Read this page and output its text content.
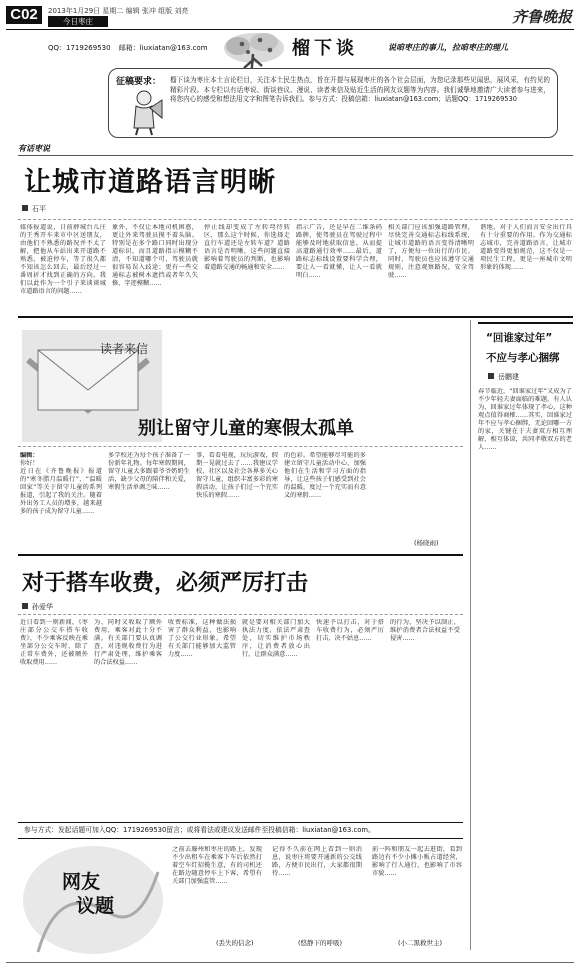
C02	2013年1月29日 星期二 编辑 张冲 组版 刘亮
今日枣庄	齐鲁晚报
QQ：1719269530 邮箱：liuxiatan@163.com	榴下谈	说咱枣庄的事儿，拉咱枣庄的理儿
征稿要求： 榴下谈为枣庄本土言论栏目，关注本土民生热点，旨在开提与展现枣庄的各个社会层面，为您记录那些见闻思，展风采，有约见的精彩片段。本专栏以有话枣说、街谈巷议、漫说、读者来信及贴近生活的网友议题等为内容。我们诚挚地邀请广大读者参与进来，将您内心的感受和想法用文字和图笔告诉我们。参与方式：投稿信箱：liuxiatan@163.com；话题QQ：1719269530
有话枣说
让城市道路语言明晰
石平
媒体报道说，日前薛城台儿庄的王秀开车来市中区送朋友，由他们不熟悉的路况并不太了解，把他从车站出来开道路不熟悉，被迫停车，等了很久都不知该怎么回去，最后经过一番周折才找到正确的方向。我们以此作为一个引子来谈谈城市道路语言的问题……
象外，不仅让本地司机困惑，更让外来驾驶员摸不着头脑。特别是在多个路口同时出现分道标识，而且道路指示模糊不清，不知道哪个可，驾驶员就很容易误入歧途；更有一些交通标志被树木遮挡或者年久失修，字迹模糊……
停止线却变成了左转弯待转区，那么这个时候，你选择走直行车道还是左转车道？道路语言是否明晰，这些问题直接影响着驾驶员的判断，也影响着道路交通的畅通和安全……
指示广告，还是早在二维条码路牌，使驾驶员在驾驶过程中能够及时地获取信息，从而提高道路通行效率……最后，道路标志标线设置要科学合理，要让人一看就懂，让人一看就明白……
相关部门应该加强道路管理，尽快完善交通标志标线系统，让城市道路的语言变得清晰明了，方便每一位出行的市民。同时，驾驶员也应该遵守交通规则，注意观察路况，安全驾驶……
谐地，对于人们而言安全出行具有十分重要的作用。作为交通标志城市，完善道路语言，让城市道路变得更加规范，这不仅是一项民生工程，更是一座城市文明形象的体现……
读者来信
别让留守儿童的寒假太孤单
编辑：
你好！
近日在《齐鲁晚报》报道的“寒冬腊月温暖行”、“温暖回家”等关于留守儿童的系列报道，引起了我的关注。随着外出务工人员的增多，越来越多的孩子成为留守儿童……
多学校还为每个孩子准备了一份新年礼物。每年寒假期间，留守儿童大多跟着爷爷奶奶生活，缺少父母的陪伴和关爱，寒假生活单调乏味……
事，看看电视，玩玩游戏，假期一晃就过去了……我建议学校、社区以及社会各界多关心留守儿童，组织丰富多彩的寒假活动，让孩子们过一个充实快乐的寒假……
的色彩。希望能够尽可能的多建立留守儿童活动中心，加强他们在生活和学习方面的指导，让这些孩子们感受到社会的温暖，度过一个充实而有意义的寒假……
(杨晓雨)
对于搭车收费，必须严厉打击
孙爱华
近日看到一则新闻，《枣庄部分公交车搭车收费》，不少乘客反映在乘坐部分公交车时，除了正常车费外，还被额外收取费用……
为、同时又收取了额外费用，乘客对此十分不满。有关部门要认真调查，对违规收费行为进行严肃处理，维护乘客的合法权益……
收费标准，这种做法损害了群众利益，也影响了公交行业形象。希望有关部门能够加大监管力度……
就是要对相关部门加大执法力度，依法严肃查处，切实维护市场秩序，让消费者放心出行，让群众满意……
快速予以打击，对于搭车收费行为，必须严厉打击，决不姑息……
的行为，坚决予以制止，维护消费者合法权益不受侵害……
“回谁家过年”
不应与孝心捆绑
岳鹏建
春节临近，“回谁家过年”又成为了不少年轻夫妻面临的难题。有人认为，回谁家过年体现了孝心，这种观点值得商榷……其实，回谁家过年不应与孝心捆绑，无论回哪一方的家，关键在于夫妻双方相互理解、相互体谅，共同孝敬双方的老人……
参与方式：发起话题可加入QQ：1719269530留言；或将看法或建议发送邮件至投稿信箱：liuxiatan@163.com。
网友
议题
之前去滕州和枣庄的路上，发现不少出租车在乘客下车后依然打着空车灯招揽生意，有的司机还在路边随意停车上下客，希望有关部门加强监管……
(丢失的信念)
记得不久前在网上看到一则消息，说枣庄将要开通新的公交线路，方便市民出行，大家都很期待……
(悠静下的呼吸)
前一阵和朋友一起去逛街，看到路边有不少小摊小贩占道经营，影响了行人通行，也影响了市容市貌……
(小二黑救世主)
